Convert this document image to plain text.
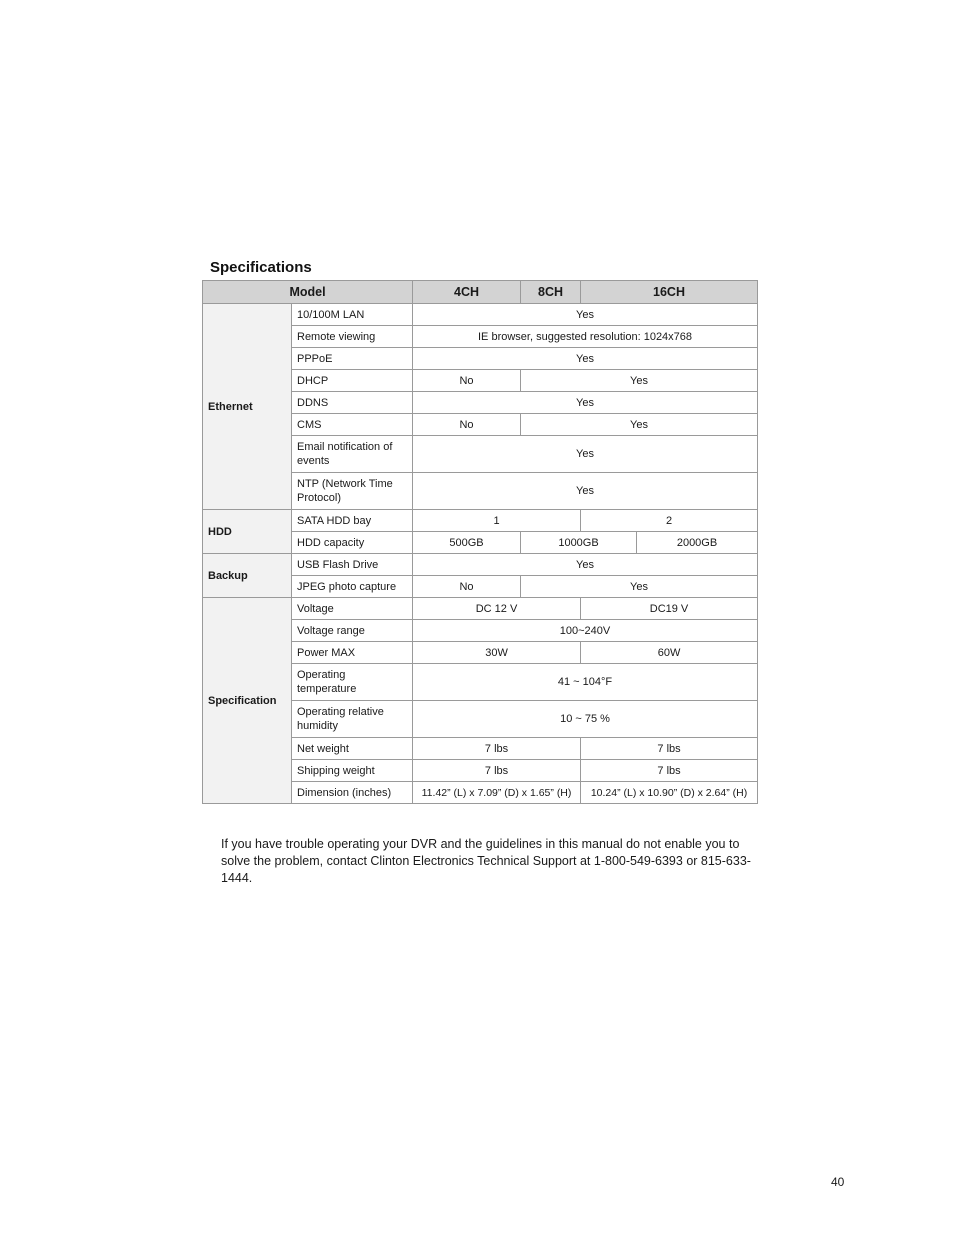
Specifications
Model		4CH	8CH	16CH	
Ethernet	10/100M LAN	Yes			
	Remote viewing	IE browser, suggested resolution: 1024x768			
	PPPoE	Yes			
	DHCP	No	Yes		
	DDNS	Yes			
	CMS	No	Yes		
	Email notification of events	Yes			
	NTP (Network Time Protocol)	Yes			
HDD	SATA HDD bay	1		2	
	HDD capacity	500GB	1000GB		2000GB
Backup	USB Flash Drive	Yes			
	JPEG photo capture	No	Yes		
Specification	Voltage	DC 12 V		DC19 V	
	Voltage range	100~240V			
	Power MAX	30W		60W	
	Operating temperature	41 ~ 104°F			
	Operating relative humidity	10 ~ 75 %			
	Net weight	7 lbs		7 lbs	
	Shipping weight	7 lbs		7 lbs	
	Dimension (inches)	11.42” (L) x 7.09” (D) x 1.65” (H)		10.24” (L) x 10.90” (D) x 2.64” (H)	
If you have trouble operating your DVR and the guidelines in this manual do not enable you to solve the problem, contact Clinton Electronics Technical Support at 1-800-549-6393 or 815-633-1444.
40
